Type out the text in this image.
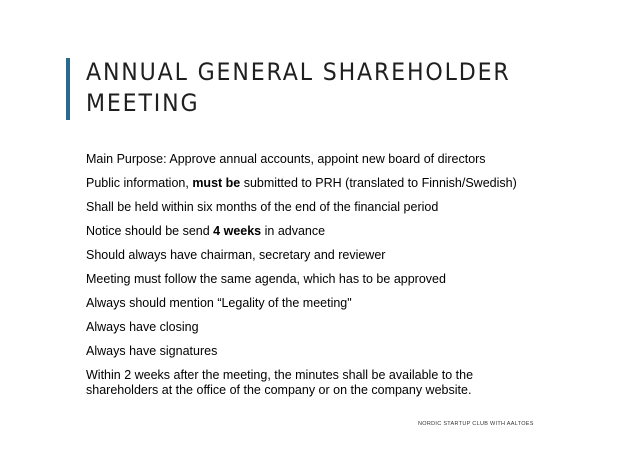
ANNUAL GENERAL SHAREHOLDER
MEETING
Main Purpose: Approve annual accounts, appoint new board of directors
Public information, must be submitted to PRH (translated to Finnish/Swedish)
Shall be held within six months of the end of the financial period
Notice should be send 4 weeks in advance
Should always have chairman, secretary and reviewer
Meeting must follow the same agenda, which has to be approved
Always should mention “Legality of the meeting"
Always have closing
Always have signatures
Within 2 weeks after the meeting, the minutes shall be available to the shareholders at the office of the company or on the company website.
NORDIC STARTUP CLUB WITH AALTOES
